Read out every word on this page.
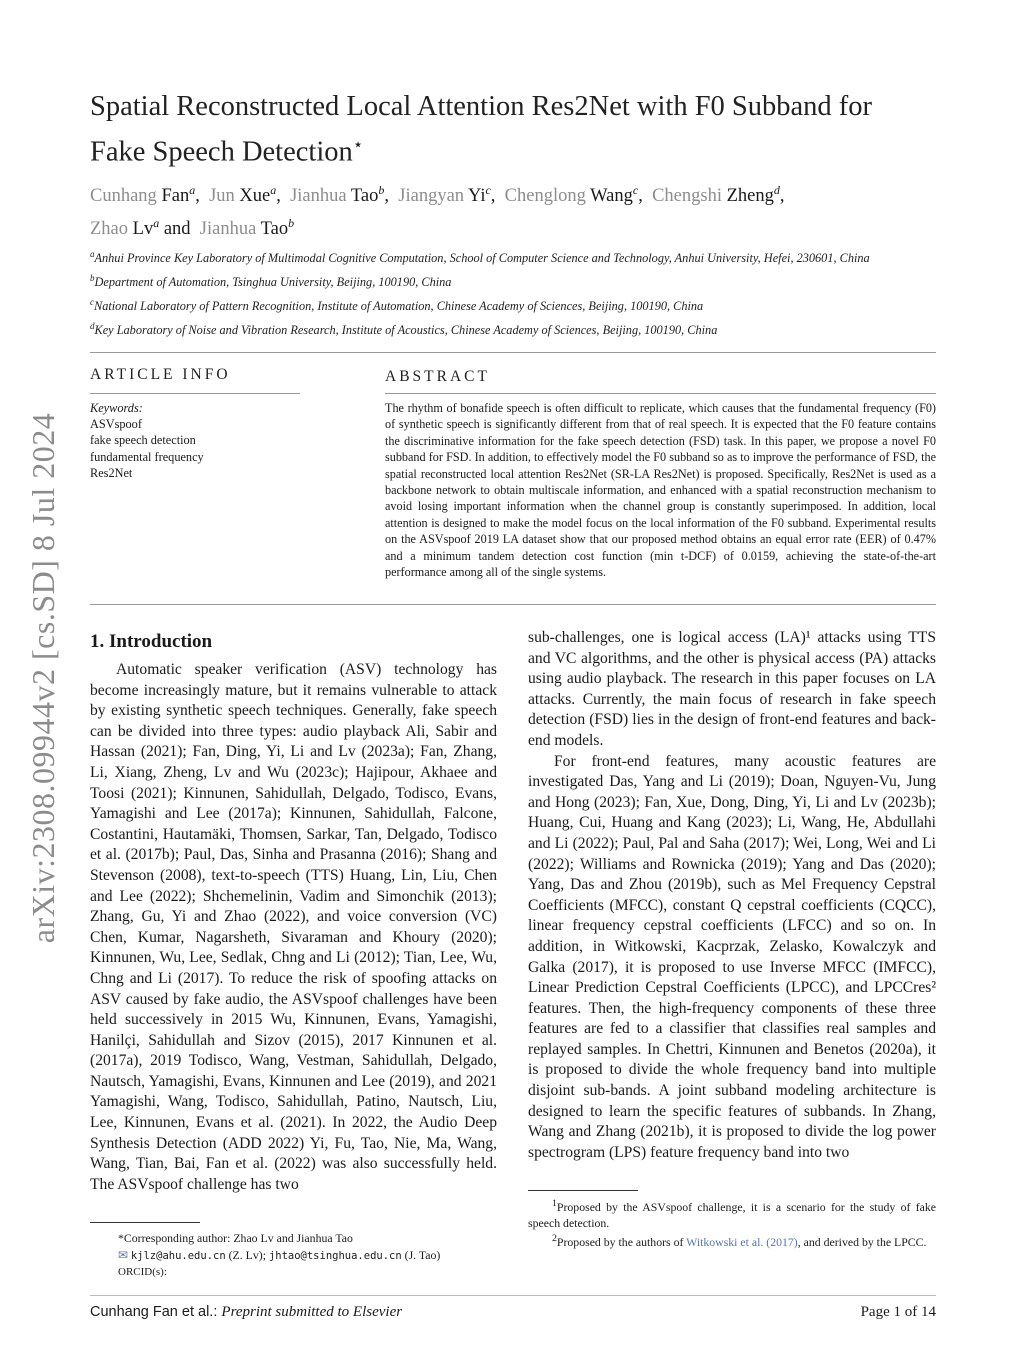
arXiv:2308.09944v2 [cs.SD] 8 Jul 2024
Spatial Reconstructed Local Attention Res2Net with F0 Subband for
Fake Speech Detection⋆
Cunhang Fan$^a$,  Jun Xue$^a$,  Jianhua Tao$^b$,  Jiangyan Yi$^c$,  Chenglong Wang$^c$,  Chengshi Zheng$^d$,
Zhao Lv$^a$ and Jianhua Tao$^b$
$^a$Anhui Province Key Laboratory of Multimodal Cognitive Computation, School of Computer Science and Technology, Anhui University, Hefei, 230601, China
$^b$Department of Automation, Tsinghua University, Beijing, 100190, China
$^c$National Laboratory of Pattern Recognition, Institute of Automation, Chinese Academy of Sciences, Beijing, 100190, China
$^d$Key Laboratory of Noise and Vibration Research, Institute of Acoustics, Chinese Academy of Sciences, Beijing, 100190, China
ARTICLE INFO	ABSTRACT
Keywords:
ASVspoof
fake speech detection
fundamental frequency
Res2Net
The rhythm of bonafide speech is often difficult to replicate, which causes that the fundamental frequency (F0) of synthetic speech is significantly different from that of real speech. It is expected that the F0 feature contains the discriminative information for the fake speech detection (FSD) task. In this paper, we propose a novel F0 subband for FSD. In addition, to effectively model the F0 subband so as to improve the performance of FSD, the spatial reconstructed local attention Res2Net (SR-LA Res2Net) is proposed. Specifically, Res2Net is used as a backbone network to obtain multiscale information, and enhanced with a spatial reconstruction mechanism to avoid losing important information when the channel group is constantly superimposed. In addition, local attention is designed to make the model focus on the local information of the F0 subband. Experimental results on the ASVspoof 2019 LA dataset show that our proposed method obtains an equal error rate (EER) of 0.47% and a minimum tandem detection cost function (min t-DCF) of 0.0159, achieving the state-of-the-art performance among all of the single systems.
1. Introduction

Automatic speaker verification (ASV) technology has become increasingly mature, but it remains vulnerable to attack by existing synthetic speech techniques. Generally, fake speech can be divided into three types: audio playback Ali, Sabir and Hassan (2021); Fan, Ding, Yi, Li and Lv (2023a); Fan, Zhang, Li, Xiang, Zheng, Lv and Wu (2023c); Hajipour, Akhaee and Toosi (2021); Kinnunen, Sahidullah, Delgado, Todisco, Evans, Yamagishi and Lee (2017a); Kinnunen, Sahidullah, Falcone, Costantini, Hautamäki, Thomsen, Sarkar, Tan, Delgado, Todisco et al. (2017b); Paul, Das, Sinha and Prasanna (2016); Shang and Stevenson (2008), text-to-speech (TTS) Huang, Lin, Liu, Chen and Lee (2022); Shchemelinin, Vadim and Simonchik (2013); Zhang, Gu, Yi and Zhao (2022), and voice conversion (VC) Chen, Kumar, Nagarsheth, Sivaraman and Khoury (2020); Kinnunen, Wu, Lee, Sedlak, Chng and Li (2012); Tian, Lee, Wu, Chng and Li (2017). To reduce the risk of spoofing attacks on ASV caused by fake audio, the ASVspoof challenges have been held successively in 2015 Wu, Kinnunen, Evans, Yamagishi, Hanilçi, Sahidullah and Sizov (2015), 2017 Kinnunen et al. (2017a), 2019 Todisco, Wang, Vestman, Sahidullah, Delgado, Nautsch, Yamagishi, Evans, Kinnunen and Lee (2019), and 2021 Yamagishi, Wang, Todisco, Sahidullah, Patino, Nautsch, Liu, Lee, Kinnunen, Evans et al. (2021). In 2022, the Audio Deep Synthesis Detection (ADD 2022) Yi, Fu, Tao, Nie, Ma, Wang, Wang, Tian, Bai, Fan et al. (2022) was also successfully held. The ASVspoof challenge has two

sub-challenges, one is logical access (LA)¹ attacks using TTS and VC algorithms, and the other is physical access (PA) attacks using audio playback. The research in this paper focuses on LA attacks. Currently, the main focus of research in fake speech detection (FSD) lies in the design of front-end features and back-end models.

For front-end features, many acoustic features are investigated Das, Yang and Li (2019); Doan, Nguyen-Vu, Jung and Hong (2023); Fan, Xue, Dong, Ding, Yi, Li and Lv (2023b); Huang, Cui, Huang and Kang (2023); Li, Wang, He, Abdullahi and Li (2022); Paul, Pal and Saha (2017); Wei, Long, Wei and Li (2022); Williams and Rownicka (2019); Yang and Das (2020); Yang, Das and Zhou (2019b), such as Mel Frequency Cepstral Coefficients (MFCC), constant Q cepstral coefficients (CQCC), linear frequency cepstral coefficients (LFCC) and so on. In addition, in Witkowski, Kacprzak, Zelasko, Kowalczyk and Galka (2017), it is proposed to use Inverse MFCC (IMFCC), Linear Prediction Cepstral Coefficients (LPCC), and LPCCres² features. Then, the high-frequency components of these three features are fed to a classifier that classifies real samples and replayed samples. In Chettri, Kinnunen and Benetos (2020a), it is proposed to divide the whole frequency band into multiple disjoint sub-bands. A joint subband modeling architecture is designed to learn the specific features of subbands. In Zhang, Wang and Zhang (2021b), it is proposed to divide the log power spectrogram (LPS) feature frequency band into two

*Corresponding author: Zhao Lv and Jianhua Tao
✉ kjlz@ahu.edu.cn (Z. Lv); jhtao@tsinghua.edu.cn (J. Tao)
ORCID(s):

$^1$Proposed by the ASVspoof challenge, it is a scenario for the study of fake speech detection.

$^2$Proposed by the authors of Witkowski et al. (2017), and derived by the LPCC.

Cunhang Fan et al.: Preprint submitted to Elsevier	Page 1 of 14
